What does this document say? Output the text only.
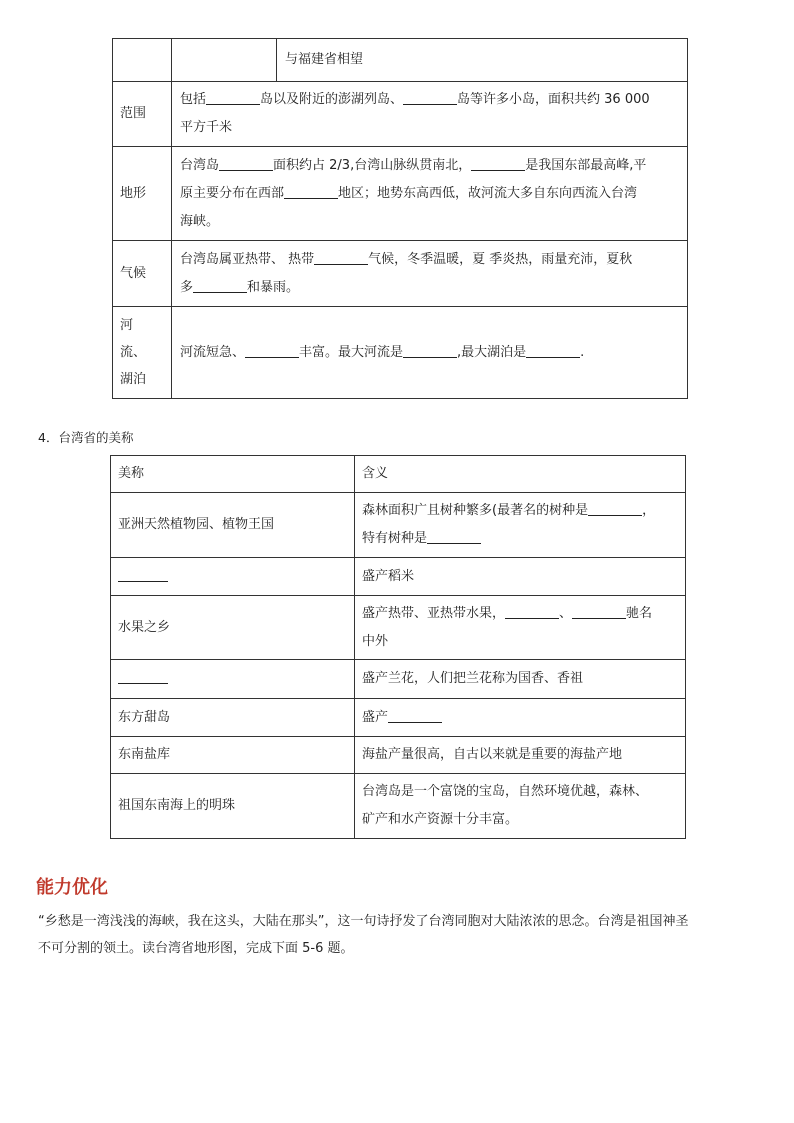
		与福建省相望
范围	包括 岛以及附近的澎湖列岛、 岛等许多小岛，面积共约 36 000
平方千米	
地形	台湾岛 面积约占 2/3,台湾山脉纵贯南北， 是我国东部最高峰,平
原主要分布在西部 地区；地势东高西低，故河流大多自东向西流入台湾
海峡。	
气候	台湾岛属亚热带、 热带 气候，冬季温暖，夏 季炎热，雨量充沛，夏秋
多 和暴雨。	
河
流、
湖泊	河流短急、 丰富。最大河流是 ,最大湖泊是 .	
4．台湾省的美称
美称	含义
亚洲天然植物园、植物王国	森林面积广且树种繁多(最著名的树种是 ，
特有树种是
	盛产稻米
水果之乡	盛产热带、亚热带水果， 、 驰名
中外
	盛产兰花，人们把兰花称为国香、香祖
东方甜岛	盛产
东南盐库	海盐产量很高，自古以来就是重要的海盐产地
祖国东南海上的明珠	台湾岛是一个富饶的宝岛，自然环境优越，森林、
矿产和水产资源十分丰富。
能力优化
“乡愁是一湾浅浅的海峡，我在这头，大陆在那头”，这一句诗抒发了台湾同胞对大陆浓浓的思念。台湾是祖国神圣
不可分割的领土。读台湾省地形图，完成下面 5-6 题。
